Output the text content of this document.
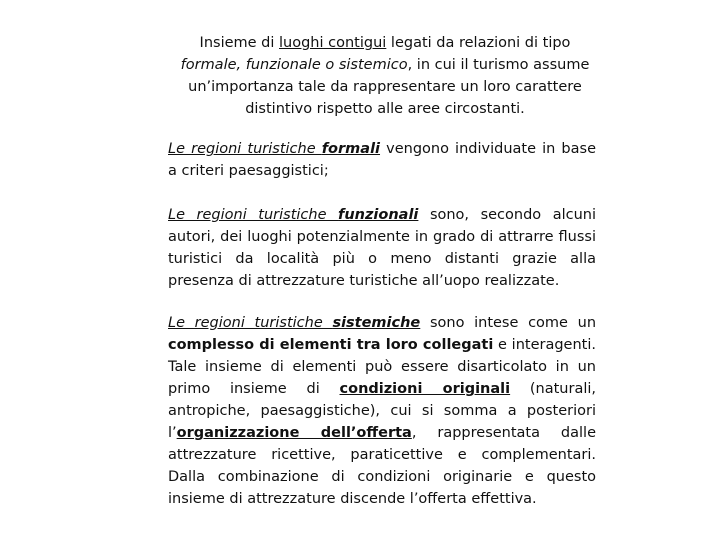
Insieme di luoghi contigui legati da relazioni di tipo formale, funzionale o sistemico, in cui il turismo assume un’importanza tale da rappresentare un loro carattere distintivo rispetto alle aree circostanti.
Le regioni turistiche formali vengono individuate in base a criteri paesaggistici;
Le regioni turistiche funzionali sono, secondo alcuni autori, dei luoghi potenzialmente in grado di attrarre flussi turistici da località più o meno distanti grazie alla presenza di attrezzature turistiche all’uopo realizzate.
Le regioni turistiche sistemiche sono intese come un complesso di elementi tra loro collegati e interagenti. Tale insieme di elementi può essere disarticolato in un primo insieme di condizioni originali (naturali, antropiche, paesaggistiche), cui si somma a posteriori l’organizzazione dell’offerta, rappresentata dalle attrezzature ricettive, paraticettive e complementari. Dalla combinazione di condizioni originarie e questo insieme di attrezzature discende l’offerta effettiva.
